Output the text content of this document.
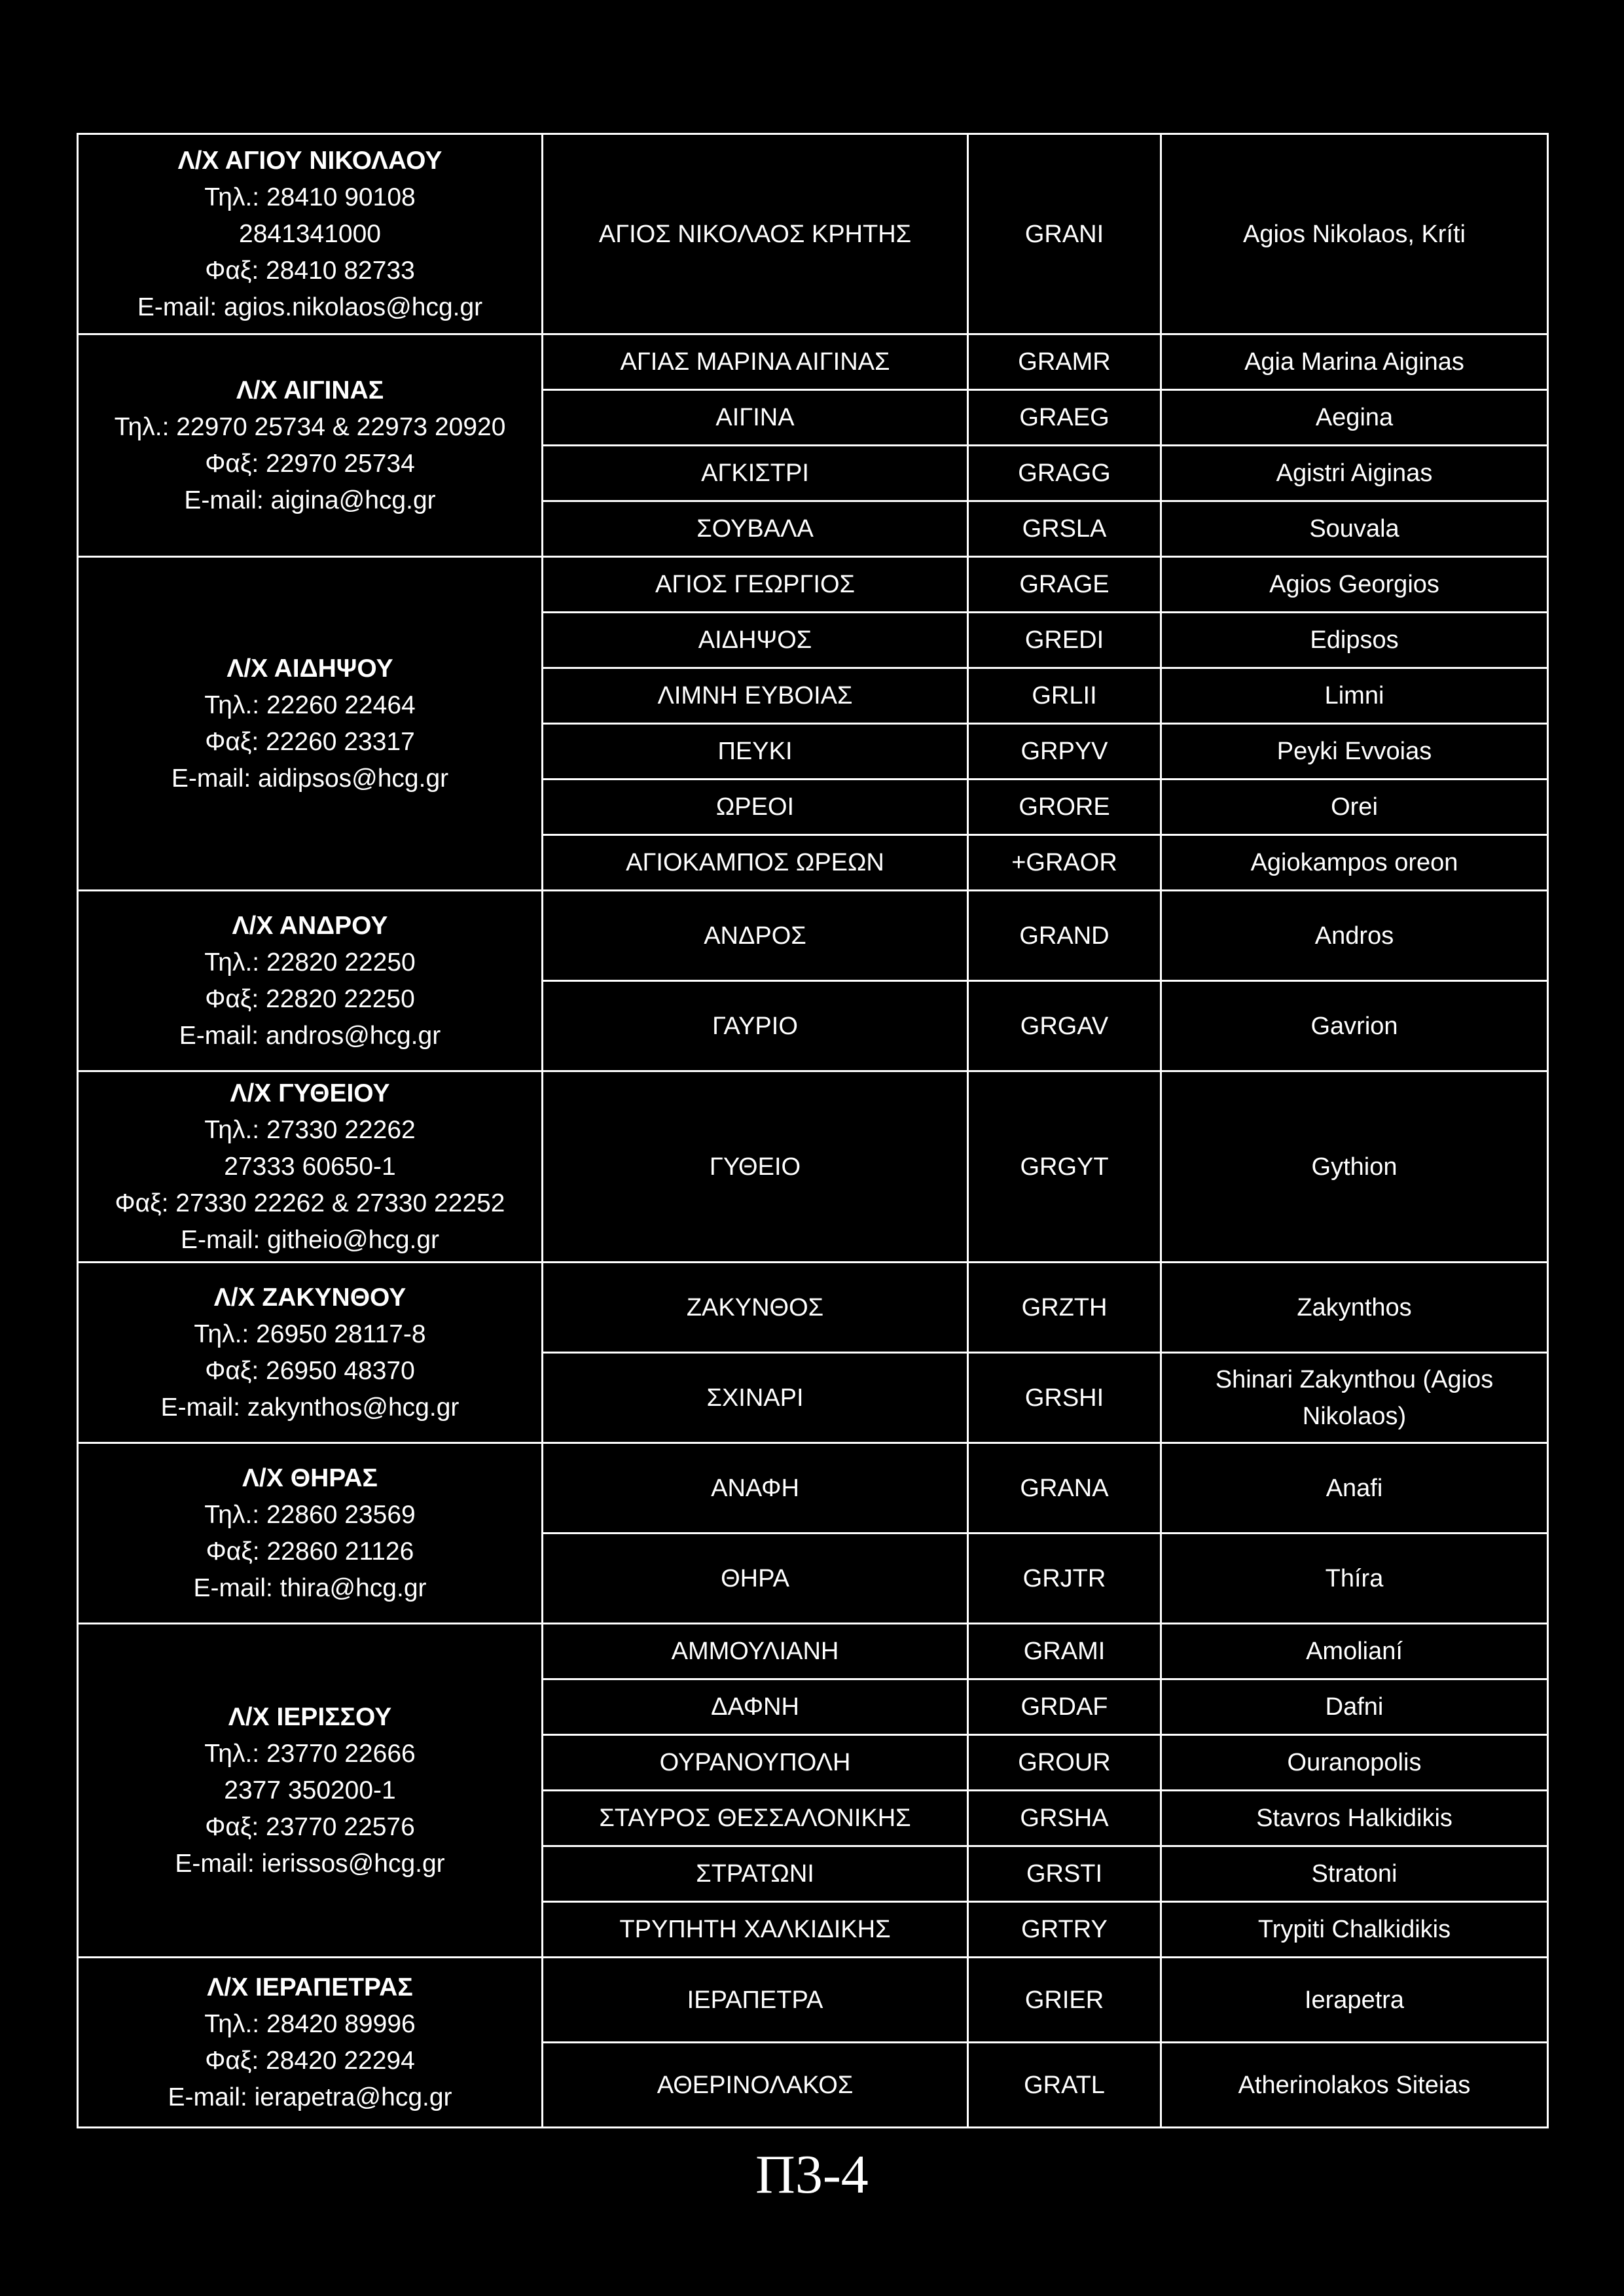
Λ/Χ ΑΓΙΟΥ ΝΙΚΟΛΑΟΥ
Τηλ.: 28410 90108
2841341000
Φαξ: 28410 82733
E-mail: agios.nikolaos@hcg.gr	ΑΓΙΟΣ ΝΙΚΟΛΑΟΣ ΚΡΗΤΗΣ	GRANI	Agios Nikolaos, Kríti

Λ/Χ ΑΙΓΙΝΑΣ
Τηλ.: 22970 25734 & 22973 20920
Φαξ: 22970 25734
E-mail: aigina@hcg.gr	ΑΓΙΑΣ ΜΑΡΙΝΑ ΑΙΓΙΝΑΣ	GRAMR	Agia Marina Aiginas
	ΑΙΓΙΝΑ	GRAEG	Aegina
	ΑΓΚΙΣΤΡΙ	GRAGG	Agistri Aiginas
	ΣΟΥΒΑΛΑ	GRSLA	Souvala

Λ/Χ ΑΙΔΗΨΟΥ
Τηλ.: 22260 22464
Φαξ: 22260 23317
E-mail: aidipsos@hcg.gr	ΑΓΙΟΣ ΓΕΩΡΓΙΟΣ	GRAGE	Agios Georgios
	ΑΙΔΗΨΟΣ	GREDI	Edipsos
	ΛΙΜΝΗ ΕΥΒΟΙΑΣ	GRLII	Limni
	ΠΕΥΚΙ	GRPYV	Peyki Evvoias
	ΩΡΕΟΙ	GRORE	Orei
	ΑΓΙΟΚΑΜΠΟΣ ΩΡΕΩΝ	+GRAOR	Agiokampos oreon

Λ/Χ ΑΝΔΡΟΥ
Τηλ.: 22820 22250
Φαξ: 22820 22250
E-mail: andros@hcg.gr	ΑΝΔΡΟΣ	GRAND	Andros
	ΓΑΥΡΙΟ	GRGAV	Gavrion

Λ/Χ ΓΥΘΕΙΟΥ
Τηλ.: 27330 22262
27333 60650-1
Φαξ: 27330 22262 & 27330 22252
E-mail: githeio@hcg.gr	ΓΥΘΕΙΟ	GRGYT	Gythion

Λ/Χ ΖΑΚΥΝΘΟΥ
Τηλ.: 26950 28117-8
Φαξ: 26950 48370
E-mail: zakynthos@hcg.gr	ΖΑΚΥΝΘΟΣ	GRZTH	Zakynthos
	ΣΧΙΝΑΡΙ	GRSHI	Shinari Zakynthou (Agios Nikolaos)

Λ/Χ ΘΗΡΑΣ
Τηλ.: 22860 23569
Φαξ: 22860 21126
E-mail: thira@hcg.gr	ΑΝΑΦΗ	GRANA	Anafi
	ΘΗΡΑ	GRJTR	Thíra

Λ/Χ ΙΕΡΙΣΣΟΥ
Τηλ.: 23770 22666
2377 350200-1
Φαξ: 23770 22576
E-mail: ierissos@hcg.gr	ΑΜΜΟΥΛΙΑΝΗ	GRAMI	Amolianí
	ΔΑΦΝΗ	GRDAF	Dafni
	ΟΥΡΑΝΟΥΠΟΛΗ	GROUR	Ouranopolis
	ΣΤΑΥΡΟΣ ΘΕΣΣΑΛΟΝΙΚΗΣ	GRSHA	Stavros Halkidikis
	ΣΤΡΑΤΩΝΙ	GRSTI	Stratoni
	ΤΡΥΠΗΤΗ ΧΑΛΚΙΔΙΚΗΣ	GRTRY	Trypiti Chalkidikis

Λ/Χ ΙΕΡΑΠΕΤΡΑΣ
Τηλ.: 28420 89996
Φαξ: 28420 22294
E-mail: ierapetra@hcg.gr	ΙΕΡΑΠΕΤΡΑ	GRIER	Ierapetra
	ΑΘΕΡΙΝΟΛΑΚΟΣ	GRATL	Atherinolakos Siteias
Π3-4
